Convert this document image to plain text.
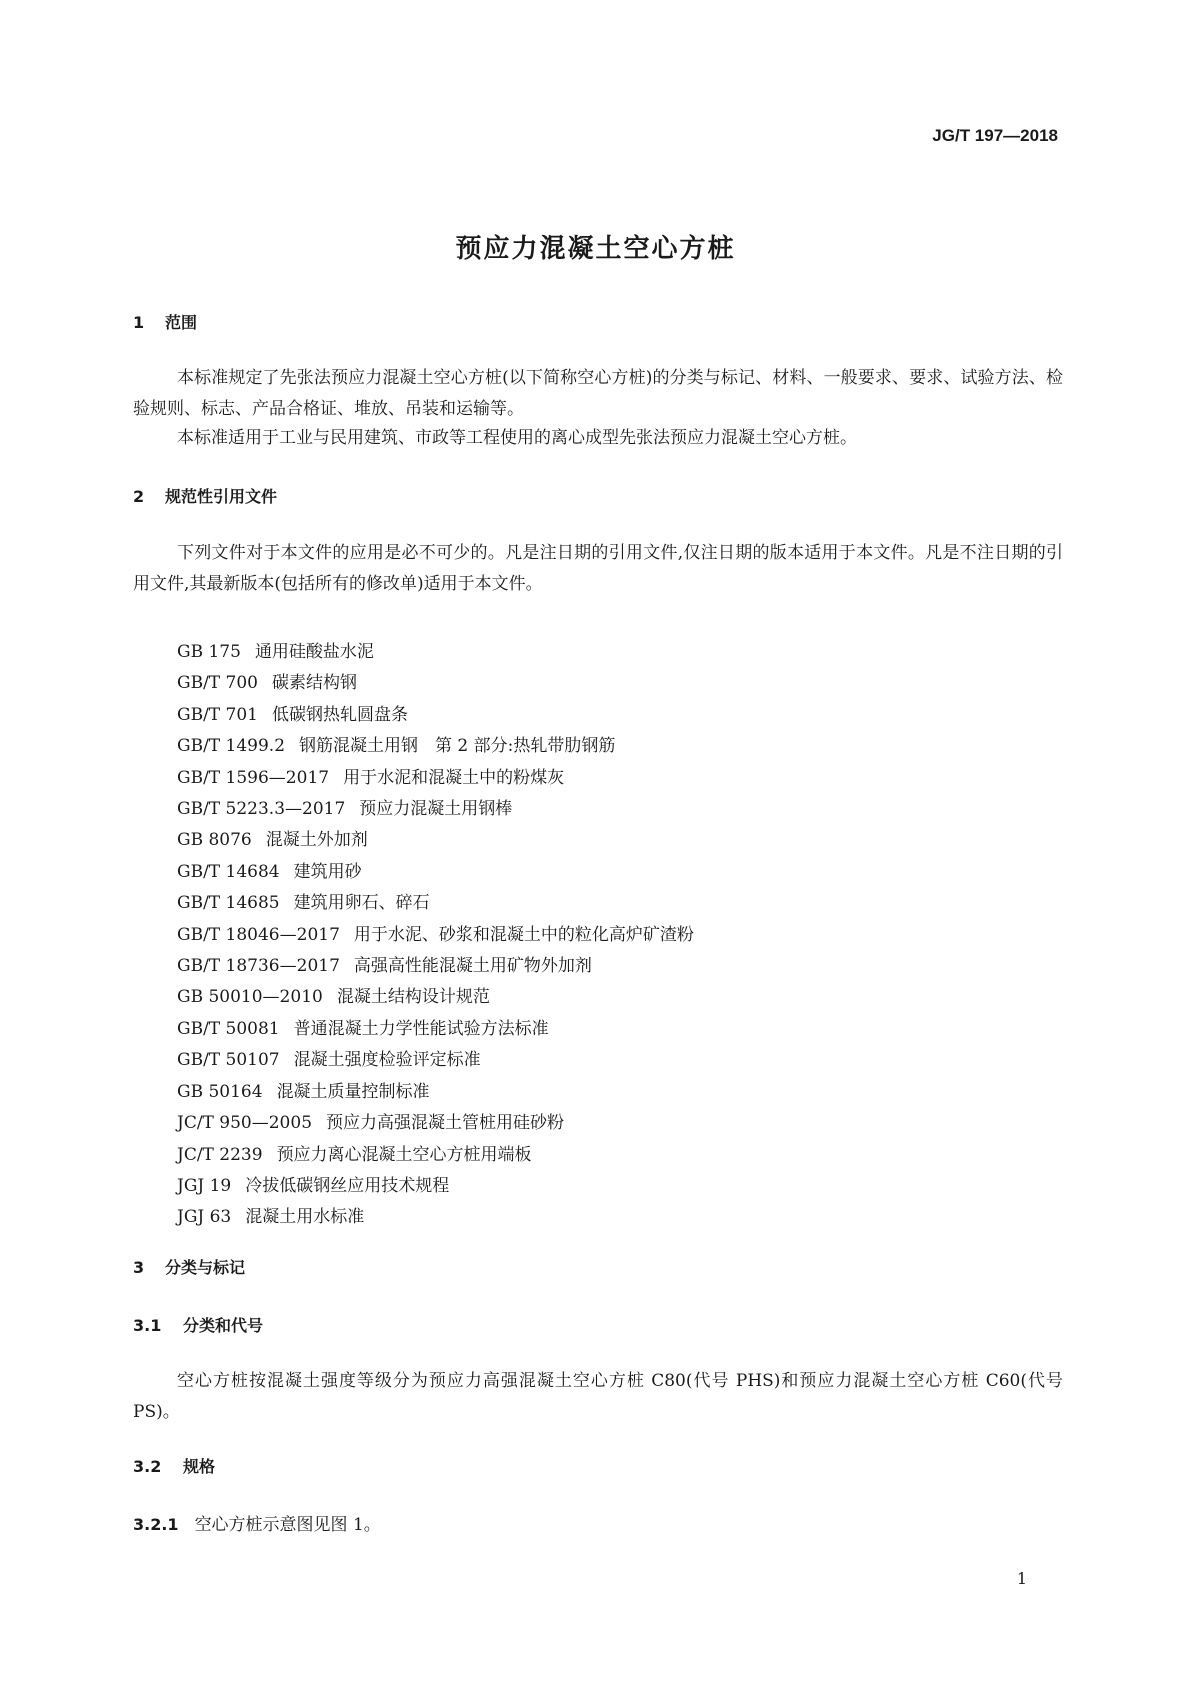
JG/T 197—2018
预应力混凝土空心方桩
1 范围
本标准规定了先张法预应力混凝土空心方桩(以下简称空心方桩)的分类与标记、材料、一般要求、要求、试验方法、检验规则、标志、产品合格证、堆放、吊装和运输等。
本标准适用于工业与民用建筑、市政等工程使用的离心成型先张法预应力混凝土空心方桩。
2 规范性引用文件
下列文件对于本文件的应用是必不可少的。凡是注日期的引用文件,仅注日期的版本适用于本文件。凡是不注日期的引用文件,其最新版本(包括所有的修改单)适用于本文件。
GB 175 通用硅酸盐水泥
GB/T 700 碳素结构钢
GB/T 701 低碳钢热轧圆盘条
GB/T 1499.2 钢筋混凝土用钢　第 2 部分:热轧带肋钢筋
GB/T 1596—2017 用于水泥和混凝土中的粉煤灰
GB/T 5223.3—2017 预应力混凝土用钢棒
GB 8076 混凝土外加剂
GB/T 14684 建筑用砂
GB/T 14685 建筑用卵石、碎石
GB/T 18046—2017 用于水泥、砂浆和混凝土中的粒化高炉矿渣粉
GB/T 18736—2017 高强高性能混凝土用矿物外加剂
GB 50010—2010 混凝土结构设计规范
GB/T 50081 普通混凝土力学性能试验方法标准
GB/T 50107 混凝土强度检验评定标准
GB 50164 混凝土质量控制标准
JC/T 950—2005 预应力高强混凝土管桩用硅砂粉
JC/T 2239 预应力离心混凝土空心方桩用端板
JGJ 19 冷拔低碳钢丝应用技术规程
JGJ 63 混凝土用水标准
3 分类与标记
3.1 分类和代号
空心方桩按混凝土强度等级分为预应力高强混凝土空心方桩 C80(代号 PHS)和预应力混凝土空心方桩 C60(代号 PS)。
3.2 规格
3.2.1 空心方桩示意图见图 1。
1
